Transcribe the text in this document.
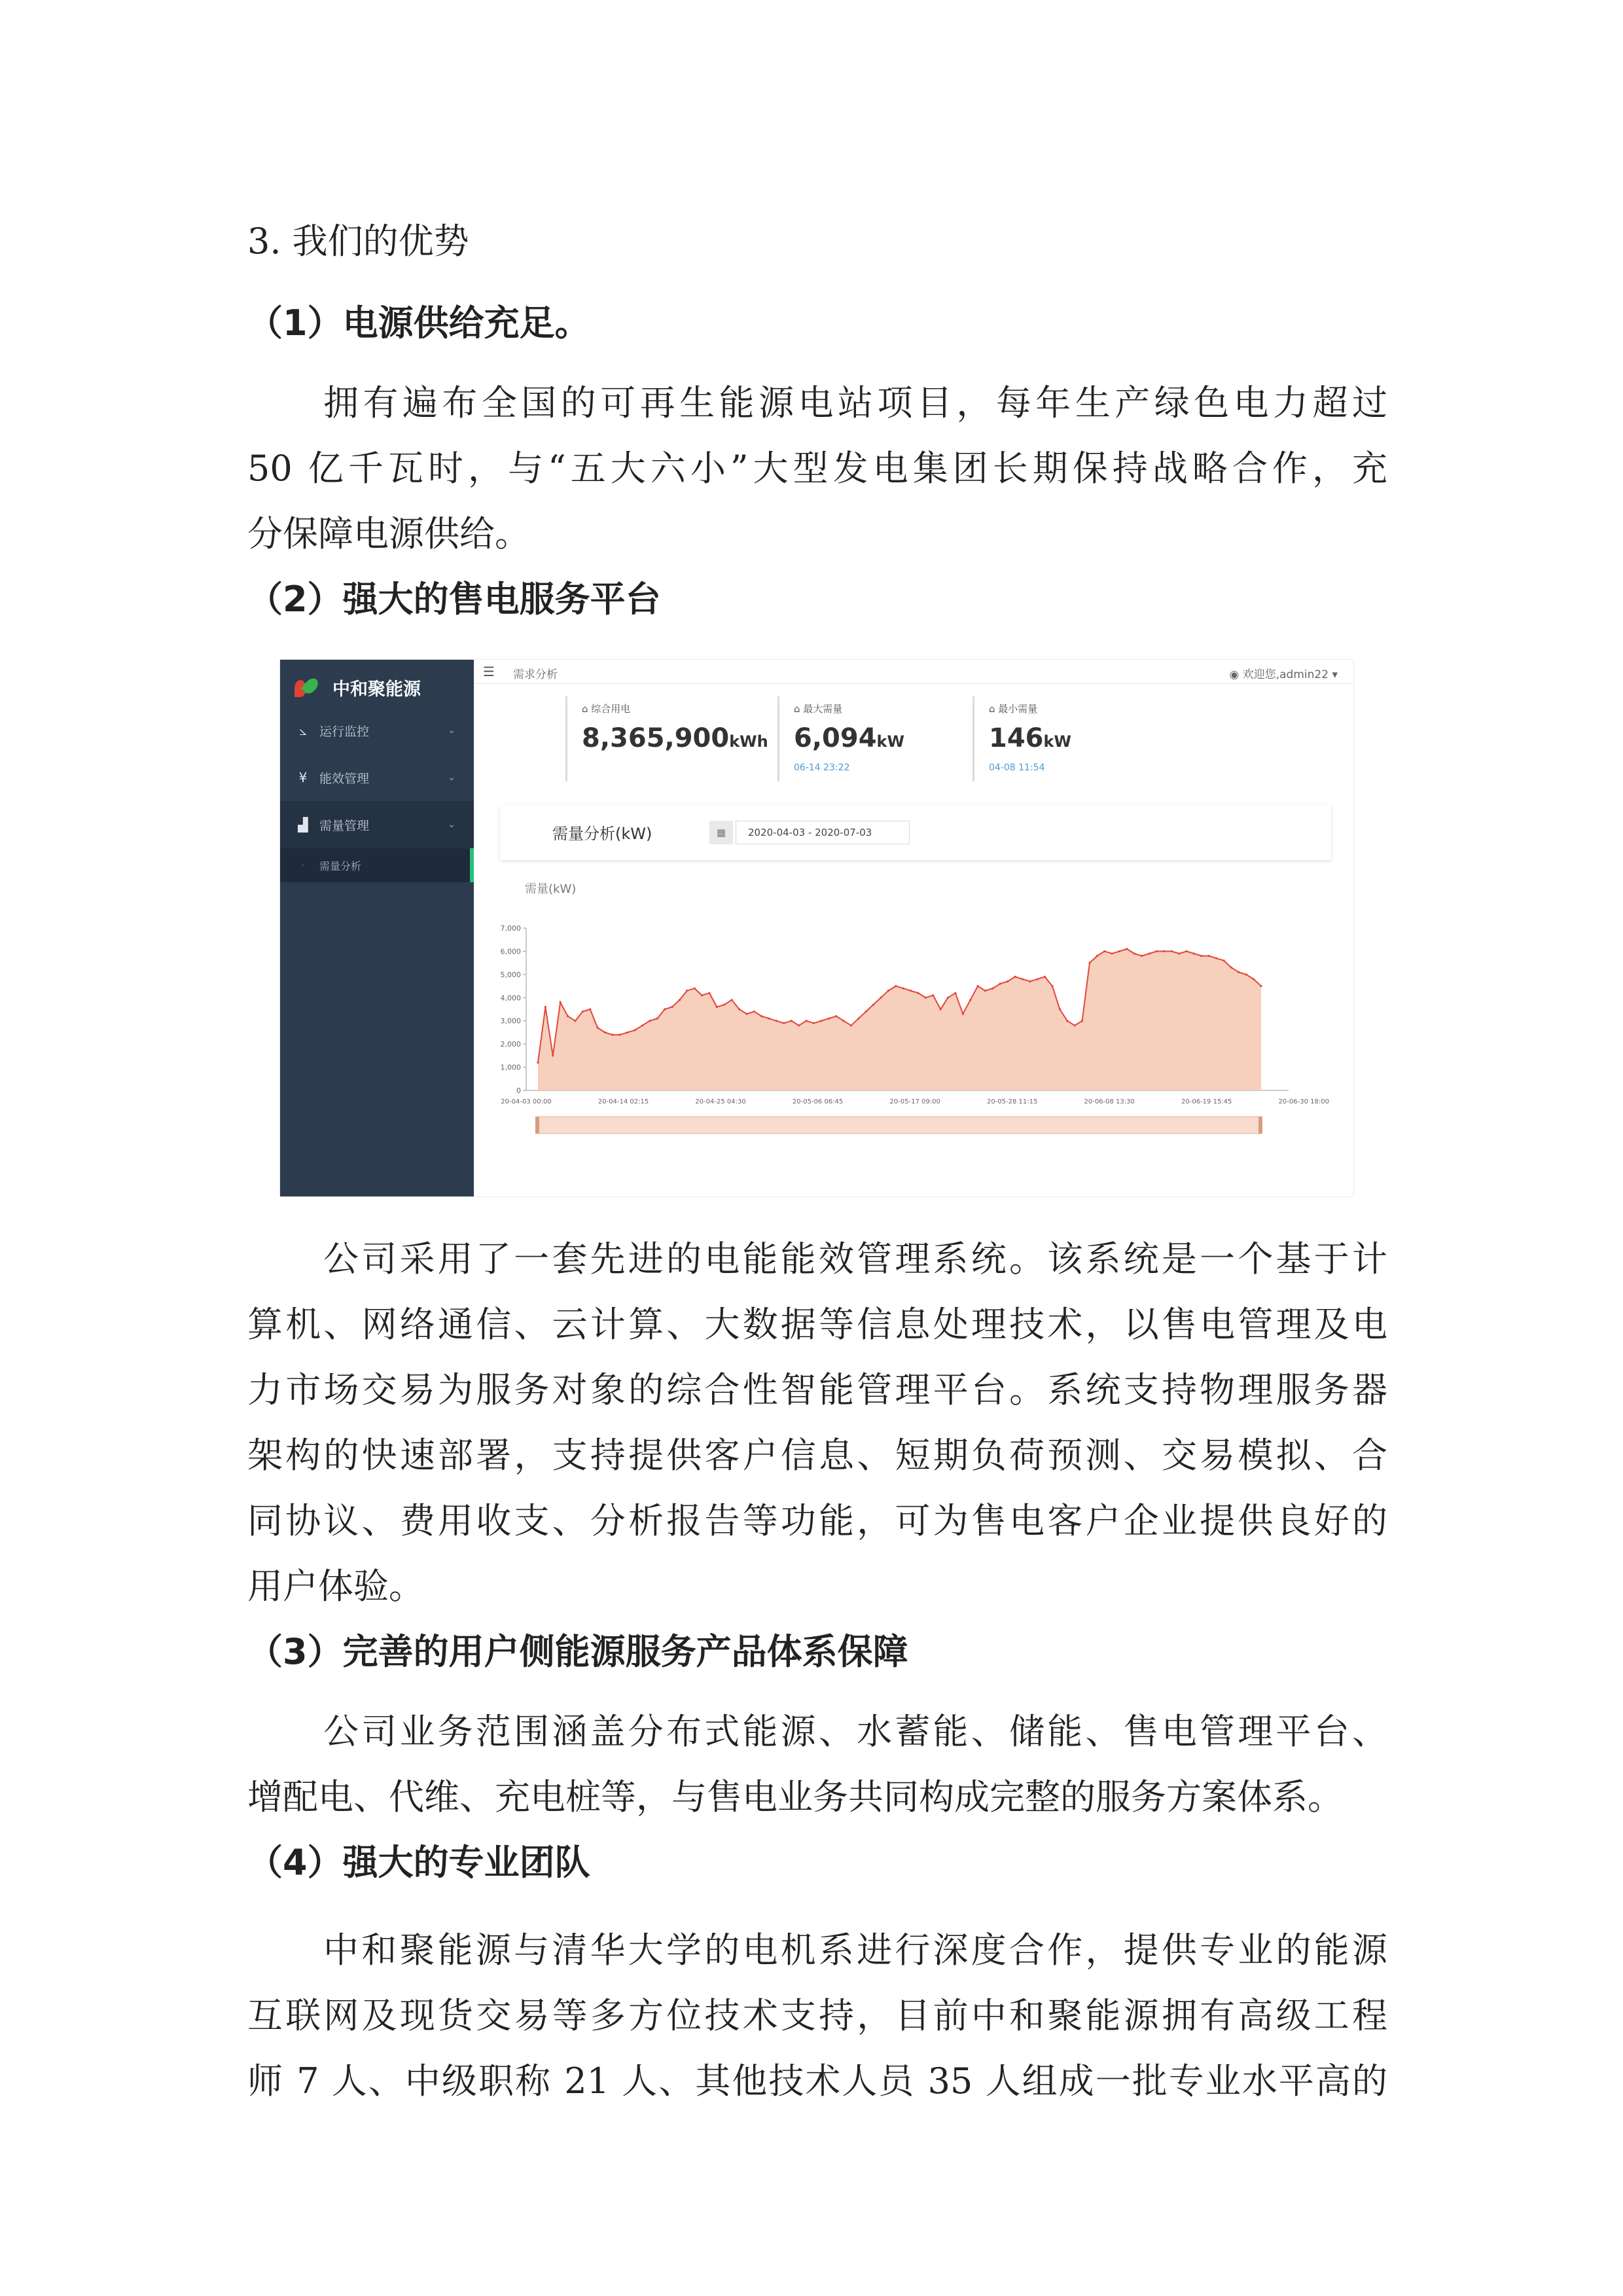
3. 我们的优势
（1）电源供给充足。

拥有遍布全国的可再生能源电站项目，每年生产绿色电力超过

50 亿千瓦时，与“五大六小”大型发电集团长期保持战略合作，充

分保障电源供给。

（2）强大的售电服务平台
中和聚能源
⦣	运行监控	⌄
¥ 能效管理	⌄
▟ 需量管理	⌄
·	需量分析
☰ 需求分析	◉ 欢迎您,admin22 ▾
⌂ 综合用电
8,365,900kWh
⌂ 最大需量
6,094kW
06-14 23:22
⌂ 最小需量
146kW
04-08 11:54
需量分析(kW)	▦	2020-04-03 - 2020-07-03
需量(kW)
7,000
6,000
5,000
4,000
3,000
2,000
1,000
0
20-04-03 00:00	20-04-14 02:15	20-04-25 04:30	20-05-06 06:45	20-05-17 09:00	20-05-28 11:15	20-06-08 13:30	20-06-19 15:45	20-06-30 18:00

公司采用了一套先进的电能能效管理系统。该系统是一个基于计

算机、网络通信、云计算、大数据等信息处理技术，以售电管理及电

力市场交易为服务对象的综合性智能管理平台。系统支持物理服务器

架构的快速部署，支持提供客户信息、短期负荷预测、交易模拟、合

同协议、费用收支、分析报告等功能，可为售电客户企业提供良好的

用户体验。

（3）完善的用户侧能源服务产品体系保障

公司业务范围涵盖分布式能源、水蓄能、储能、售电管理平台、

增配电、代维、充电桩等，与售电业务共同构成完整的服务方案体系。

（4）强大的专业团队

中和聚能源与清华大学的电机系进行深度合作，提供专业的能源

互联网及现货交易等多方位技术支持，目前中和聚能源拥有高级工程

师 7 人、中级职称 21 人、其他技术人员 35 人组成一批专业水平高的
